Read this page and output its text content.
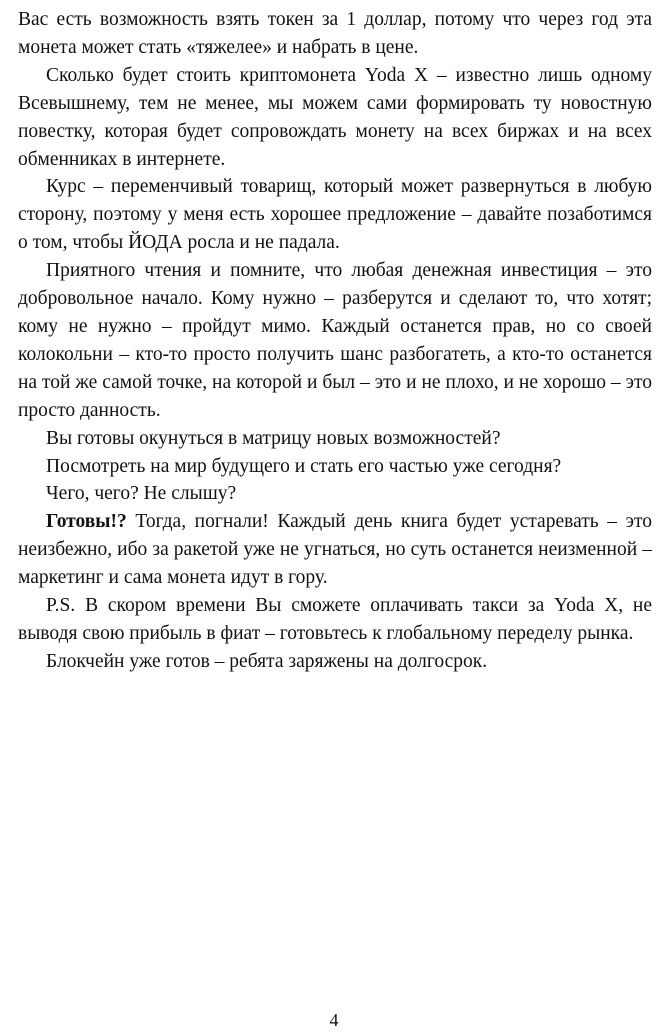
Вас есть возможность взять токен за 1 доллар, потому что через год эта монета может стать «тяжелее» и набрать в цене.

Сколько будет стоить криптомонета Yoda X – известно лишь одному Всевышнему, тем не менее, мы можем сами формировать ту новостную повестку, которая будет сопровождать монету на всех биржах и на всех обменниках в интернете.

Курс – переменчивый товарищ, который может развернуться в любую сторону, поэтому у меня есть хорошее предложение – давайте позаботимся о том, чтобы ЙОДА росла и не падала.

Приятного чтения и помните, что любая денежная инвестиция – это добровольное начало. Кому нужно – разберутся и сделают то, что хотят; кому не нужно – пройдут мимо. Каждый останется прав, но со своей колокольни – кто-то просто получить шанс разбогатеть, а кто-то останется на той же самой точке, на которой и был – это и не плохо, и не хорошо – это просто данность.

Вы готовы окунуться в матрицу новых возможностей?

Посмотреть на мир будущего и стать его частью уже сегодня?

Чего, чего? Не слышу?

Готовы!? Тогда, погнали! Каждый день книга будет устаревать – это неизбежно, ибо за ракетой уже не угнаться, но суть останется неизменной – маркетинг и сама монета идут в гору.

P.S. В скором времени Вы сможете оплачивать такси за Yoda X, не выводя свою прибыль в фиат – готовьтесь к глобальному переделу рынка.

Блокчейн уже готов – ребята заряжены на долгосрок.

4
